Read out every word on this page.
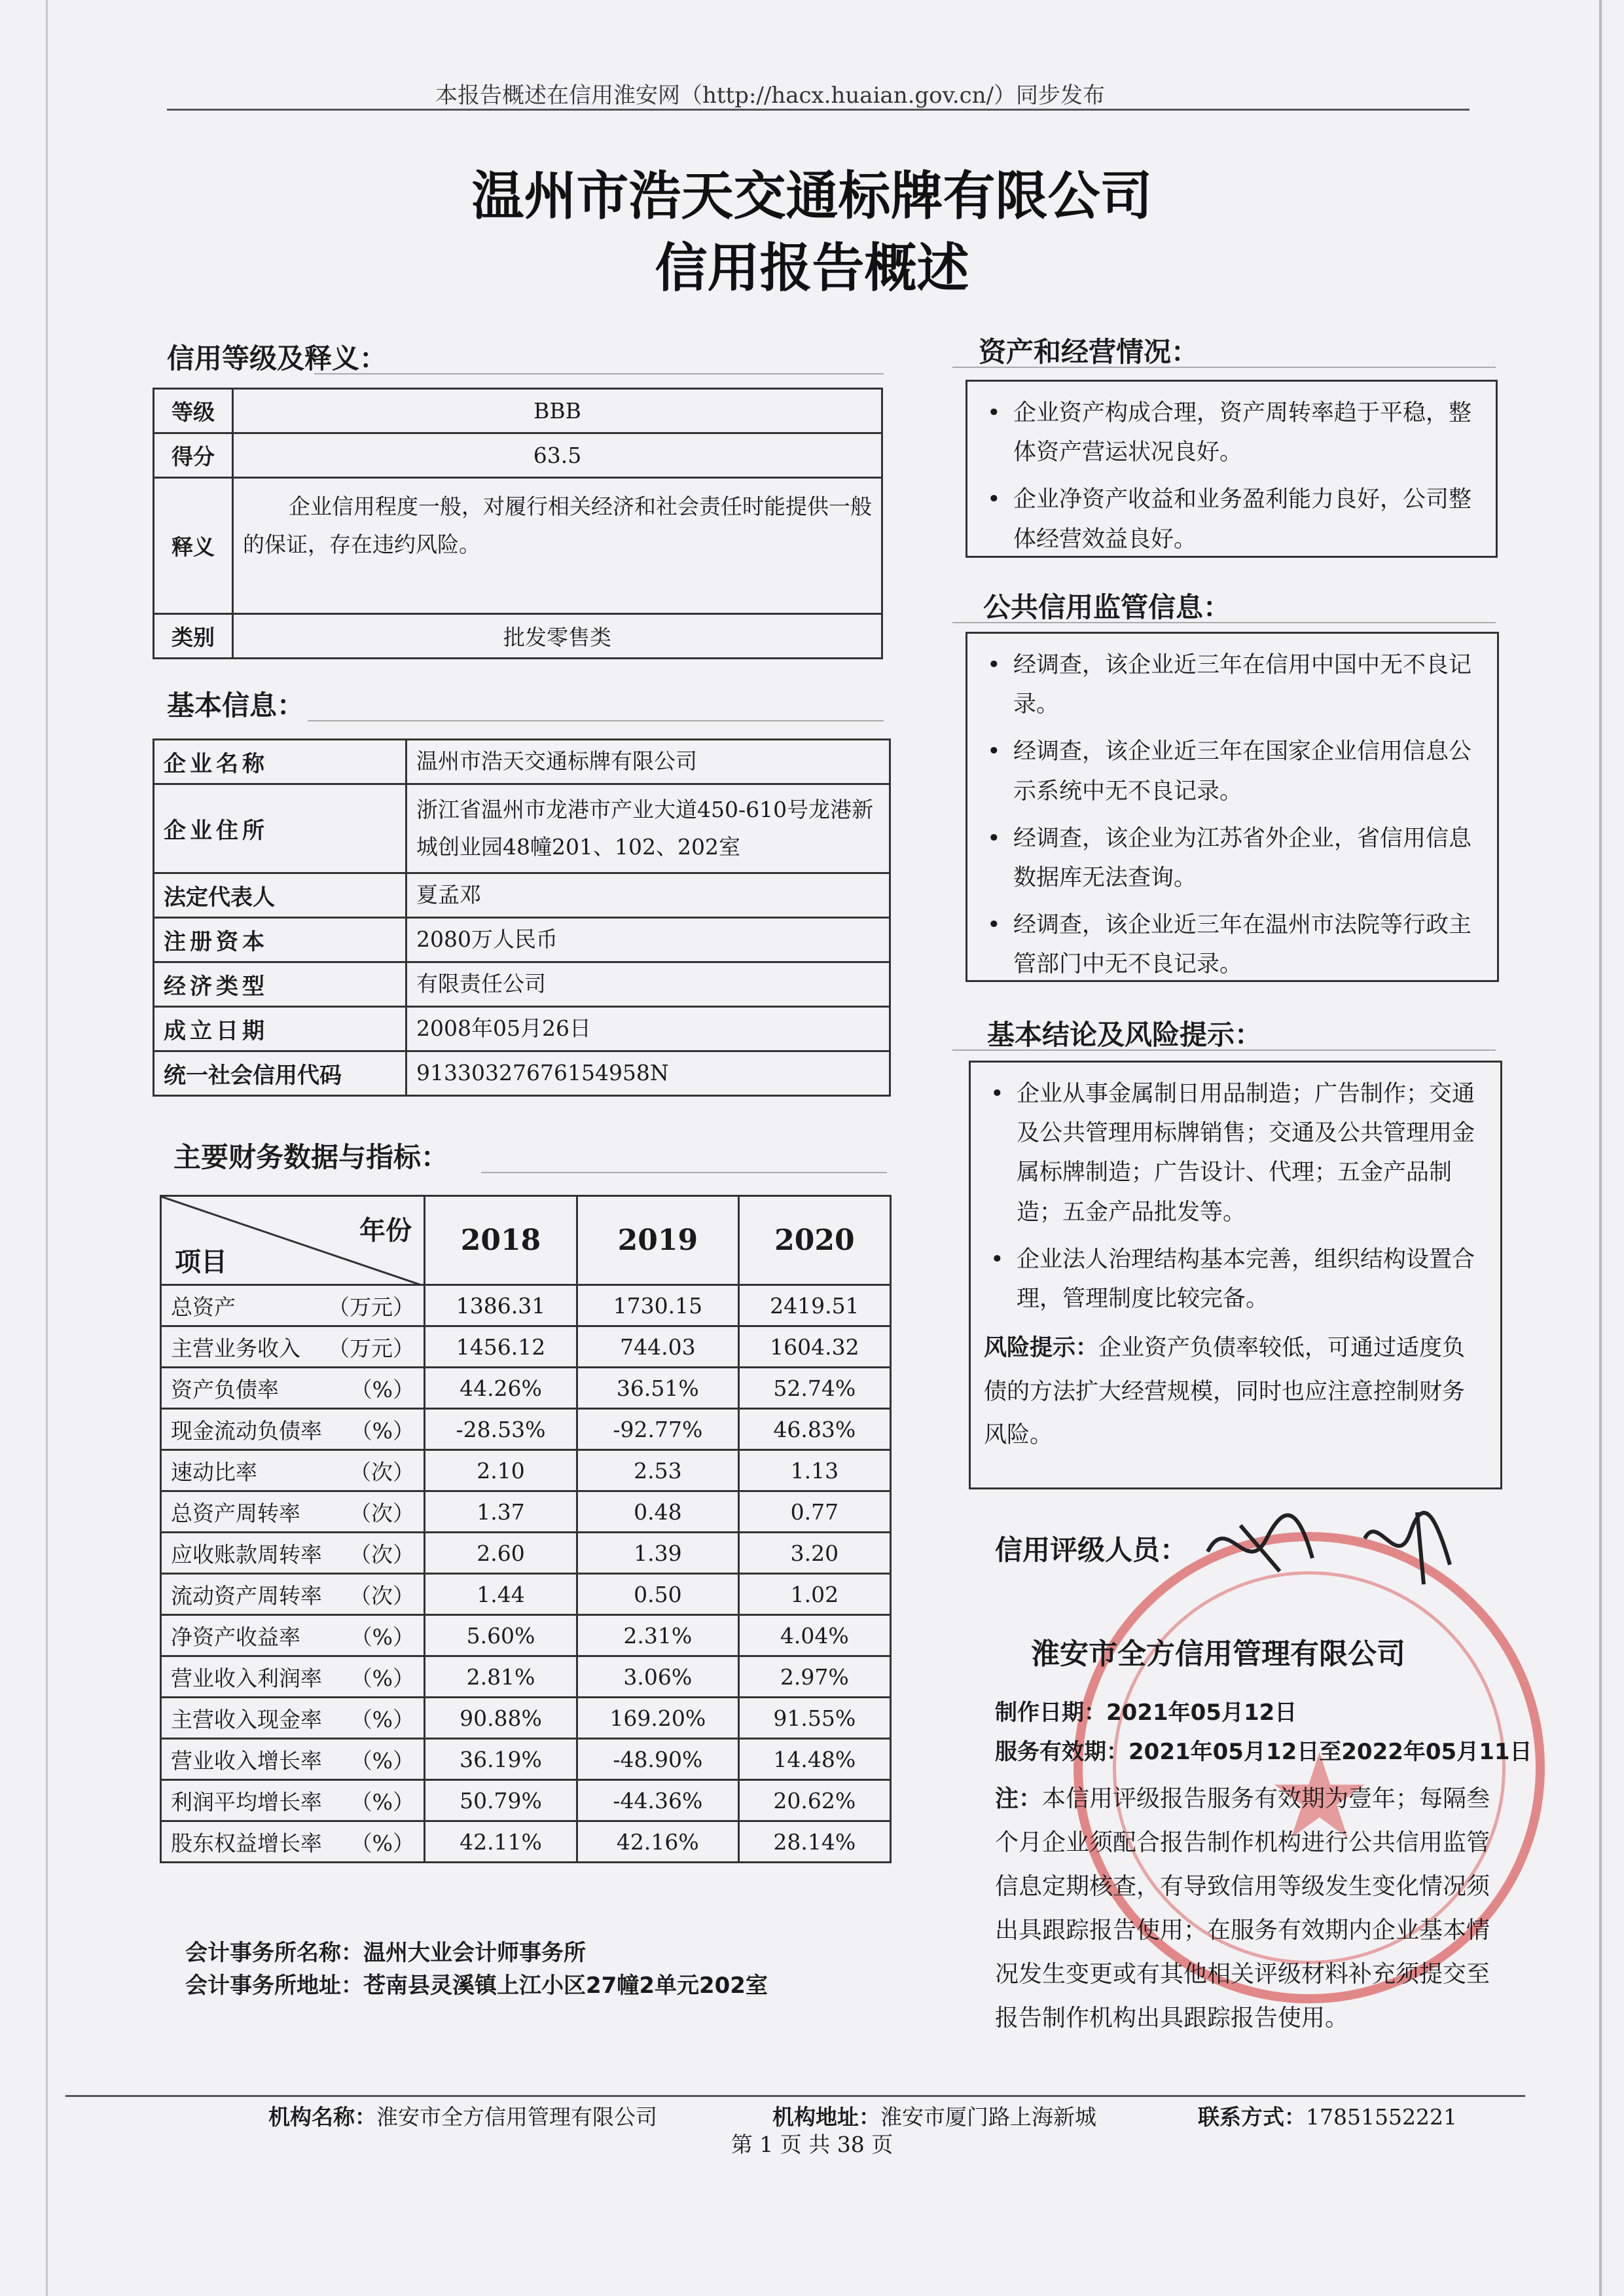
本报告概述在信用淮安网（http://hacx.huaian.gov.cn/）同步发布
温州市浩天交通标牌有限公司
信用报告概述
信用等级及释义：
等级	BBB
得分	63.5
释义	企业信用程度一般，对履行相关经济和社会责任时能提供一般的保证，存在违约风险。
类别	批发零售类
基本信息：
企业名称	温州市浩天交通标牌有限公司
企业住所	浙江省温州市龙港市产业大道450-610号龙港新城创业园48幢201、102、202室
法定代表人	夏孟邓
注册资本	2080万人民币
经济类型	有限责任公司
成立日期	2008年05月26日
统一社会信用代码	91330327676154958N
主要财务数据与指标：
年份
项目	2018	2019	2020
总资产 （万元）	1386.31	1730.15	2419.51
主营业务收入 （万元）	1456.12	744.03	1604.32
资产负债率 （%）	44.26%	36.51%	52.74%
现金流动负债率 （%）	-28.53%	-92.77%	46.83%
速动比率 （次）	2.10	2.53	1.13
总资产周转率 （次）	1.37	0.48	0.77
应收账款周转率 （次）	2.60	1.39	3.20
流动资产周转率 （次）	1.44	0.50	1.02
净资产收益率 （%）	5.60%	2.31%	4.04%
营业收入利润率 （%）	2.81%	3.06%	2.97%
主营收入现金率 （%）	90.88%	169.20%	91.55%
营业收入增长率 （%）	36.19%	-48.90%	14.48%
利润平均增长率 （%）	50.79%	-44.36%	20.62%
股东权益增长率 （%）	42.11%	42.16%	28.14%
会计事务所名称：温州大业会计师事务所
会计事务所地址：苍南县灵溪镇上江小区27幢2单元202室
资产和经营情况：
• 企业资产构成合理，资产周转率趋于平稳，整体资产营运状况良好。
• 企业净资产收益和业务盈利能力良好，公司整体经营效益良好。
公共信用监管信息：
• 经调查，该企业近三年在信用中国中无不良记录。
• 经调查，该企业近三年在国家企业信用信息公示系统中无不良记录。
• 经调查，该企业为江苏省外企业，省信用信息数据库无法查询。
• 经调查，该企业近三年在温州市法院等行政主管部门中无不良记录。
基本结论及风险提示：
• 企业从事金属制日用品制造；广告制作；交通及公共管理用标牌销售；交通及公共管理用金属标牌制造；广告设计、代理；五金产品制造；五金产品批发等。
• 企业法人治理结构基本完善，组织结构设置合理，管理制度比较完备。

风险提示：企业资产负债率较低，可通过适度负债的方法扩大经营规模，同时也应注意控制财务风险。

★
信用评级人员：
淮安市全方信用管理有限公司
制作日期：2021年05月12日
服务有效期：2021年05月12日至2022年05月11日
注：本信用评级报告服务有效期为壹年；每隔叁个月企业须配合报告制作机构进行公共信用监管信息定期核查，有导致信用等级发生变化情况须出具跟踪报告使用；在服务有效期内企业基本情况发生变更或有其他相关评级材料补充须提交至报告制作机构出具跟踪报告使用。
机构名称：淮安市全方信用管理有限公司	机构地址：淮安市厦门路上海新城	联系方式：17851552221
第 1 页 共 38 页
